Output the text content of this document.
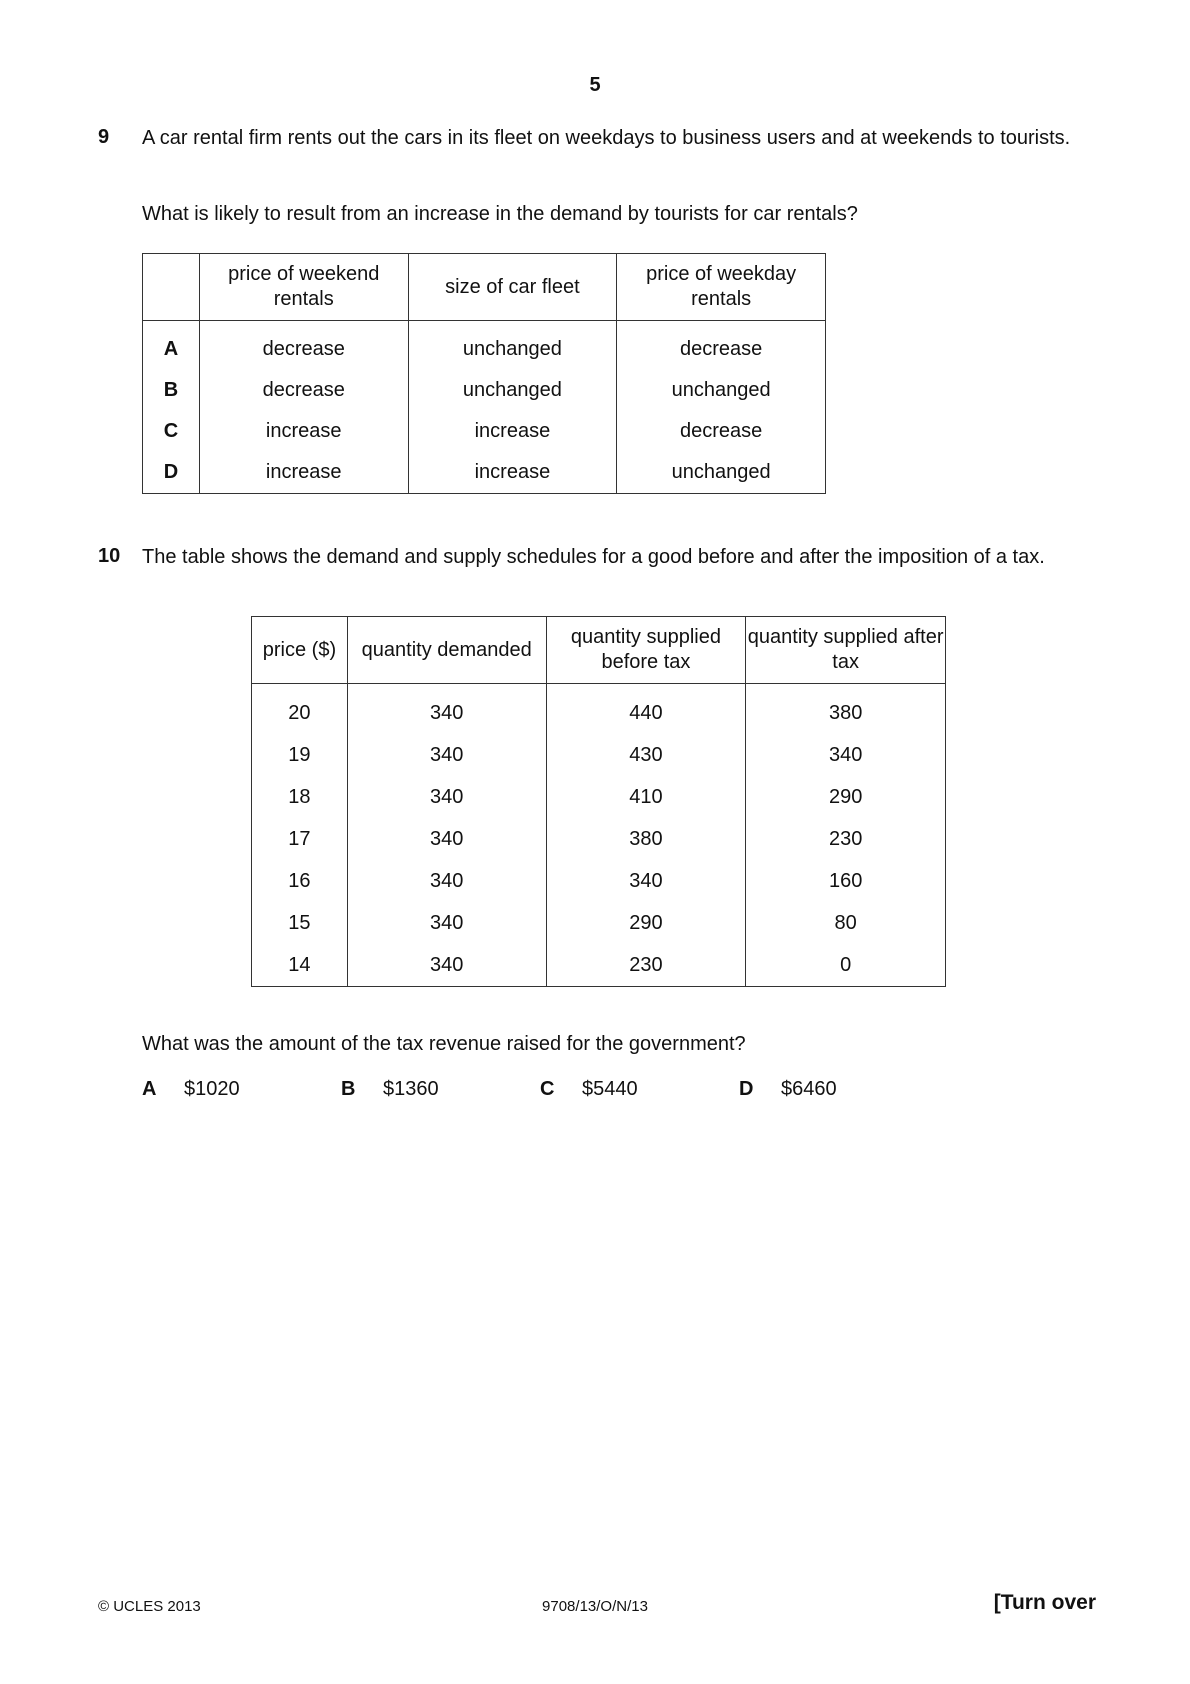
5
9 A car rental firm rents out the cars in its fleet on weekdays to business users and at weekends to tourists.
What is likely to result from an increase in the demand by tourists for car rentals?
	price of weekend rentals	size of car fleet	price of weekday rentals
A	decrease	unchanged	decrease
B	decrease	unchanged	unchanged
C	increase	increase	decrease
D	increase	increase	unchanged
10 The table shows the demand and supply schedules for a good before and after the imposition of a tax.
price ($)	quantity demanded	quantity supplied before tax	quantity supplied after tax
20	340	440	380
19	340	430	340
18	340	410	290
17	340	380	230
16	340	340	160
15	340	290	80
14	340	230	0
What was the amount of the tax revenue raised for the government?
A $1020	B $1360	C $5440	D $6460
© UCLES 2013	9708/13/O/N/13	[Turn over
